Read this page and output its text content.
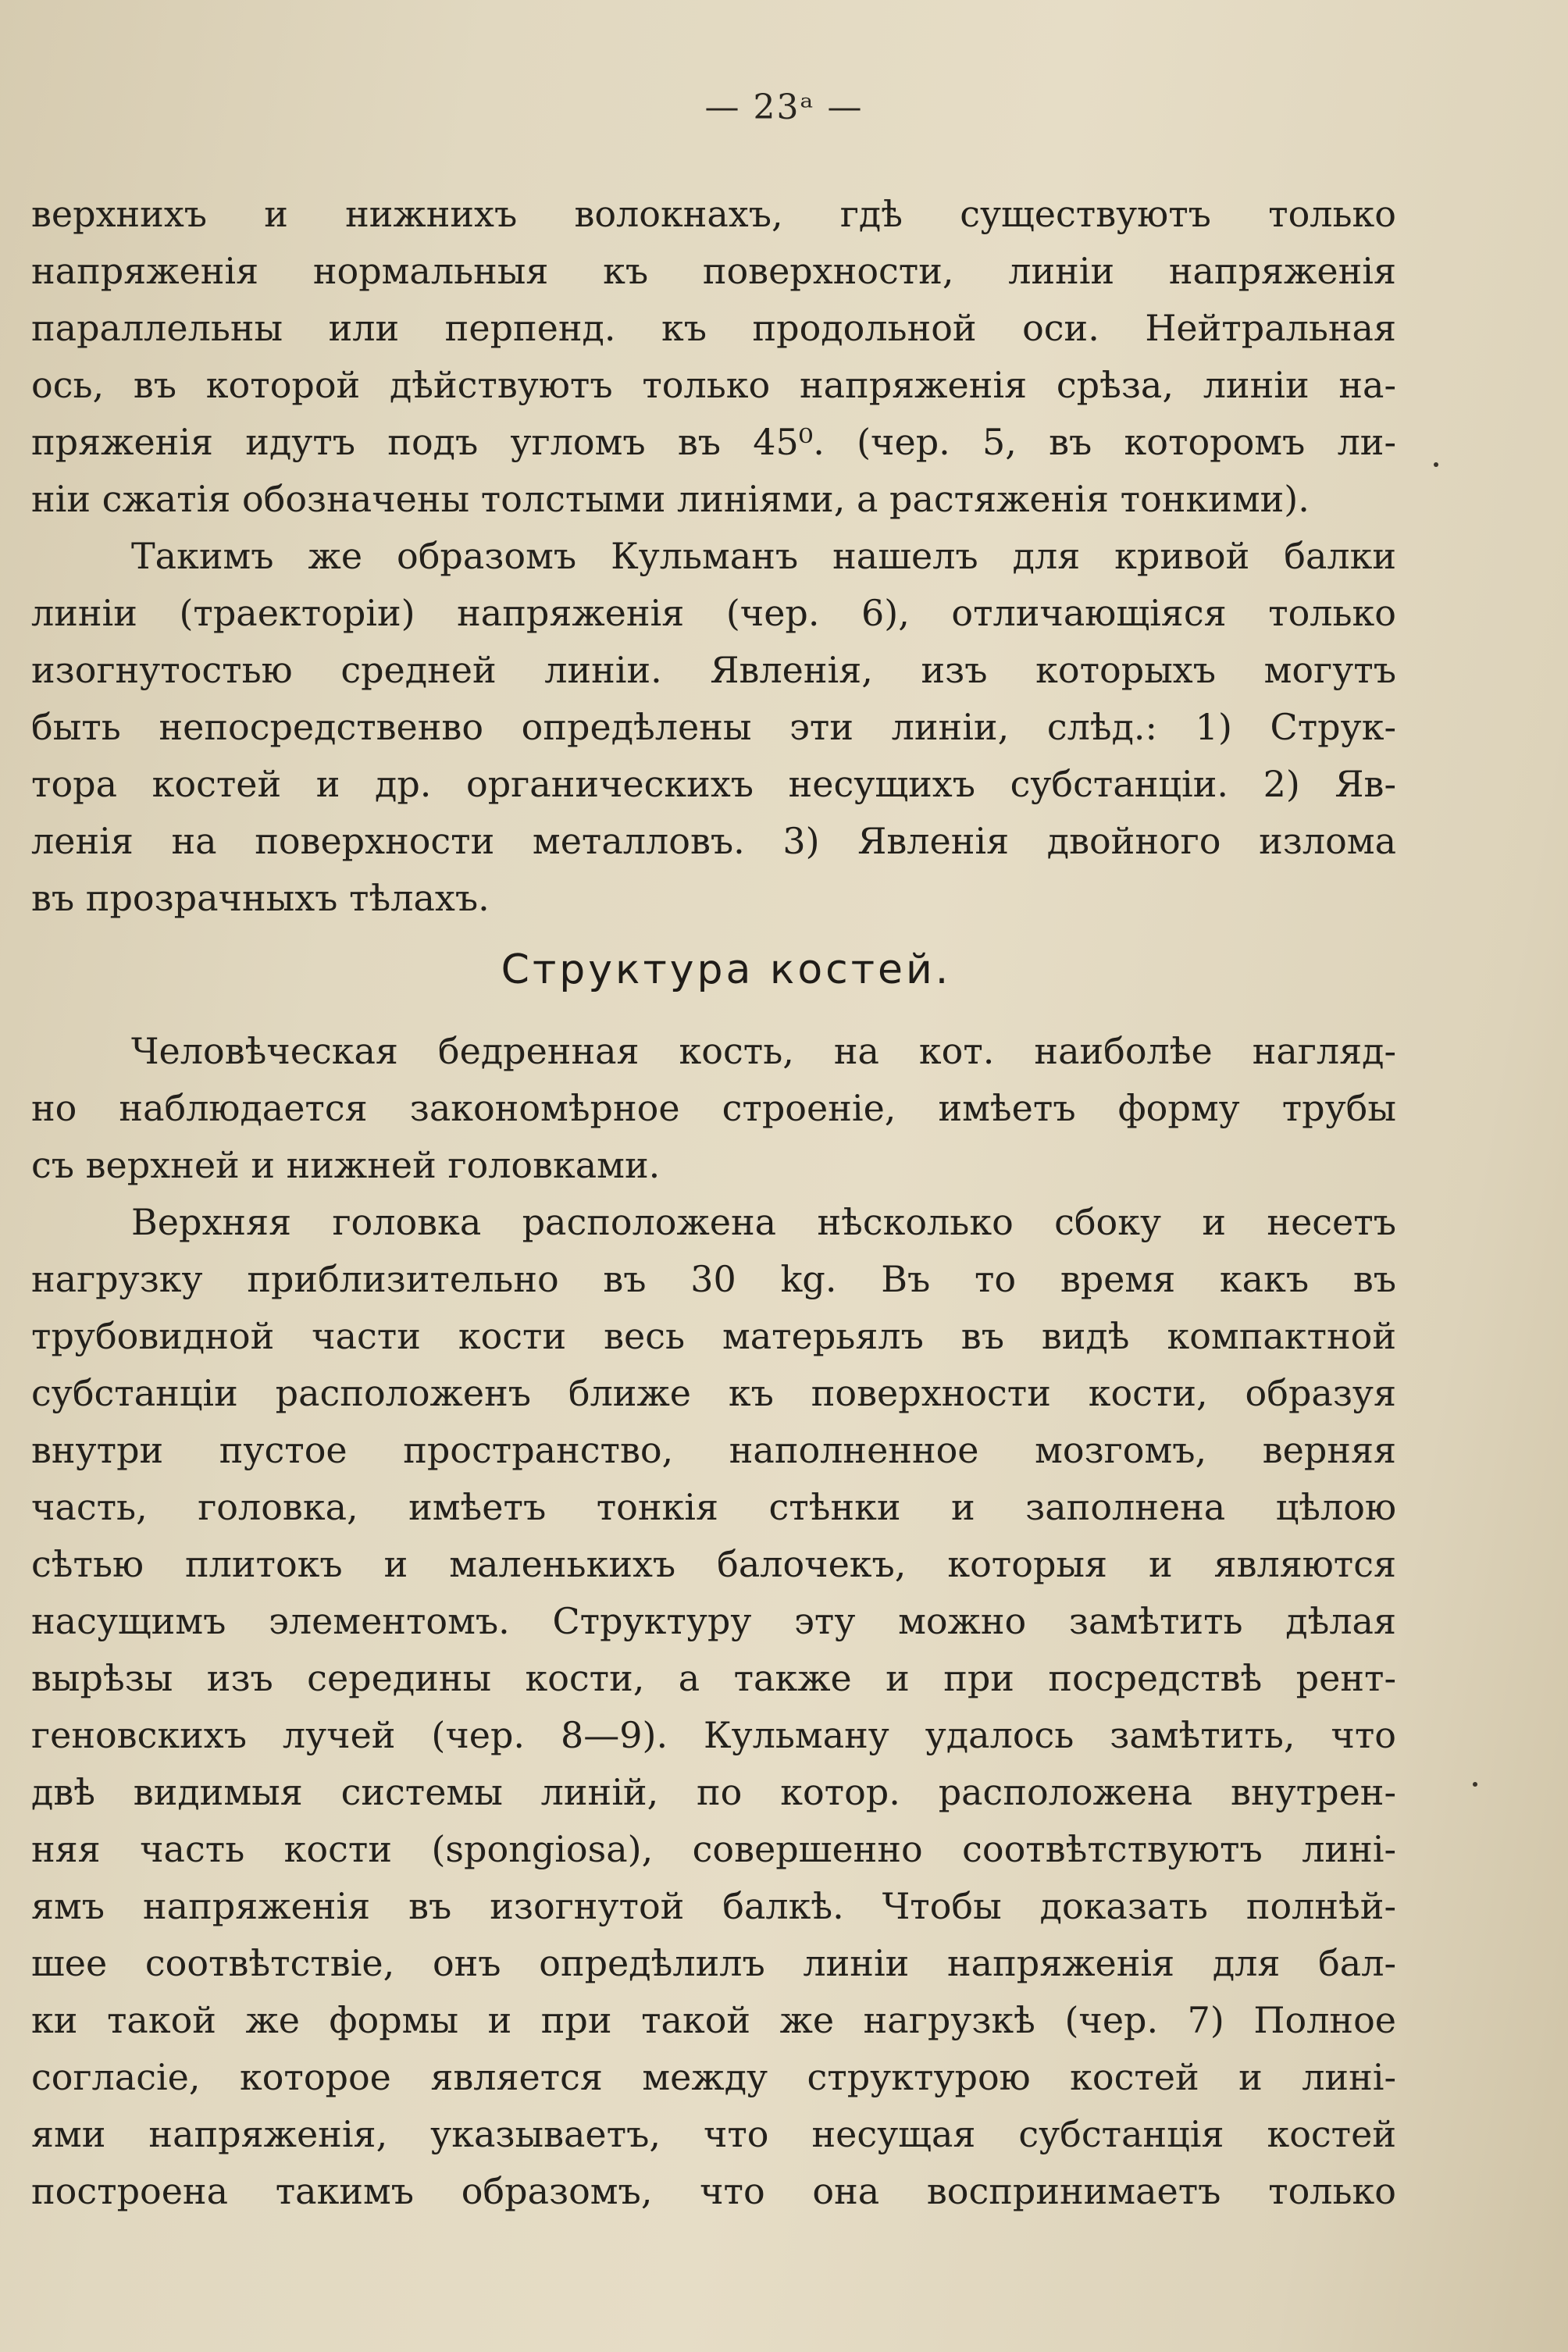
— 23ᵃ —
верхнихъ и нижнихъ волокнахъ, гдѣ существуютъ только
напряженія нормальныя къ поверхности, линіи напряженія
параллельны или перпенд. къ продольной оси. Нейтральная
ось, въ которой дѣйствуютъ только напряженія срѣза, линіи на-
пряженія идутъ подъ угломъ въ 45⁰. (чер. 5, въ которомъ ли-
ніи сжатія обозначены толстыми линіями, а растяженія тонкими).
Такимъ же образомъ Кульманъ нашелъ для кривой балки
линіи (траекторіи) напряженія (чер. 6), отличающіяся только
изогнутостью средней линіи. Явленія, изъ которыхъ могутъ
быть непосредственво опредѣлены эти линіи, слѣд.: 1) Струк-
тора костей и др. органическихъ несущихъ субстанціи. 2) Яв-
ленія на поверхности металловъ. 3) Явленія двойного излома
въ прозрачныхъ тѣлахъ.
Структура костей.
Человѣческая бедренная кость, на кот. наиболѣе нагляд-
но наблюдается закономѣрное строеніе, имѣетъ форму трубы
съ верхней и нижней головками.
Верхняя головка расположена нѣсколько сбоку и несетъ
нагрузку приблизительно въ 30 kg. Въ то время какъ въ
трубовидной части кости весь матерьялъ въ видѣ компактной
субстанціи расположенъ ближе къ поверхности кости, образуя
внутри пустое пространство, наполненное мозгомъ, верняя
часть, головка, имѣетъ тонкія стѣнки и заполнена цѣлою
сѣтью плитокъ и маленькихъ балочекъ, которыя и являются
насущимъ элементомъ. Структуру эту можно замѣтить дѣлая
вырѣзы изъ середины кости, а также и при посредствѣ рент-
геновскихъ лучей (чер. 8—9). Кульману удалось замѣтить, что
двѣ видимыя системы линій, по котор. расположена внутрен-
няя часть кости (spongiosa), совершенно соотвѣтствуютъ лині-
ямъ напряженія въ изогнутой балкѣ. Чтобы доказать полнѣй-
шее соотвѣтствіе, онъ опредѣлилъ линіи напряженія для бал-
ки такой же формы и при такой же нагрузкѣ (чер. 7) Полное
согласіе, которое является между структурою костей и лині-
ями напряженія, указываетъ, что несущая субстанція костей
построена такимъ образомъ, что она воспринимаетъ только
